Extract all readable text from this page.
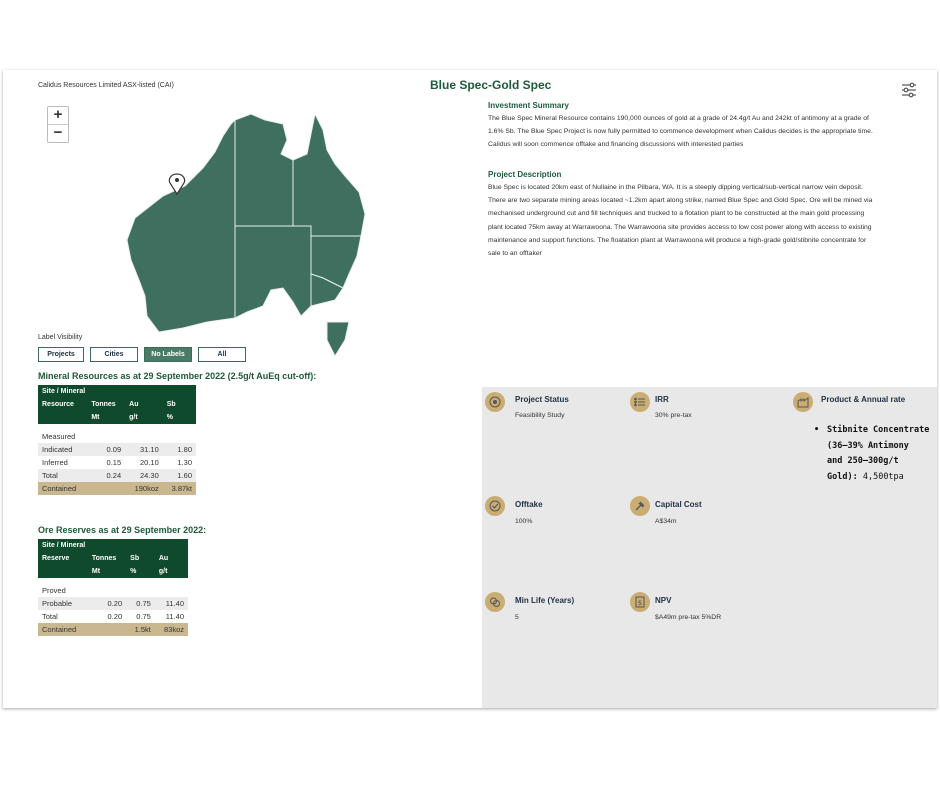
Calidus Resources Limited ASX-listed (CAI)
+
−
Label Visibility
Projects	Cities	No Labels	All
Mineral Resources as at 29 September 2022 (2.5g/t AuEq cut-off):
Site / Mineral			
Resource	Tonnes	Au	Sb
	Mt	g/t	%

Measured			
Indicated	0.09	31.10	1.80
Inferred	0.15	20.10	1.30
Total	0.24	24.30	1.60
Contained		190koz	3.87kt
Ore Reserves as at 29 September 2022:
Site / Mineral			
Reserve	Tonnes	Sb	Au
	Mt	%	g/t

Proved			
Probable	0.20	0.75	11.40
Total	0.20	0.75	11.40
Contained		1.5kt	83koz
Blue Spec-Gold Spec
Investment Summary
The Blue Spec Mineral Resource contains 190,000 ounces of gold at a grade of 24.4g/t Au and 242kt of antimony at a grade of
1.6% Sb. The Blue Spec Project is now fully permitted to commence development when Calidus decides is the appropriate time.
Calidus will soon commence offtake and financing discussions with interested parties
Project Description
Blue Spec is located 20km east of Nullaine in the Pilbara, WA. It is a steeply dipping vertical/sub-vertical narrow vein deposit.
There are two separate mining areas located ~1.2km apart along strike, named Blue Spec and Gold Spec. Ore will be mined via
mechanised underground cut and fill techniques and trucked to a flotation plant to be constructed at the main gold processing
plant located 75km away at Warrawoona. The Warrawoona site provides access to low cost power along with access to existing
maintenance and support functions. The floatation plant at Warrawoona will produce a high-grade gold/stibnite concentrate for
sale to an offtaker
Project Status
Feasibility Study
IRR
30% pre-tax
Product & Annual rate
• Stibnite Concentrate
(36–39% Antimony
and 250–300g/t
Gold): 4,500tpa
Offtake
100%
Capital Cost
A$34m
Min Life (Years)
5
$ NPV
$A49m pre-tax 5%DR
